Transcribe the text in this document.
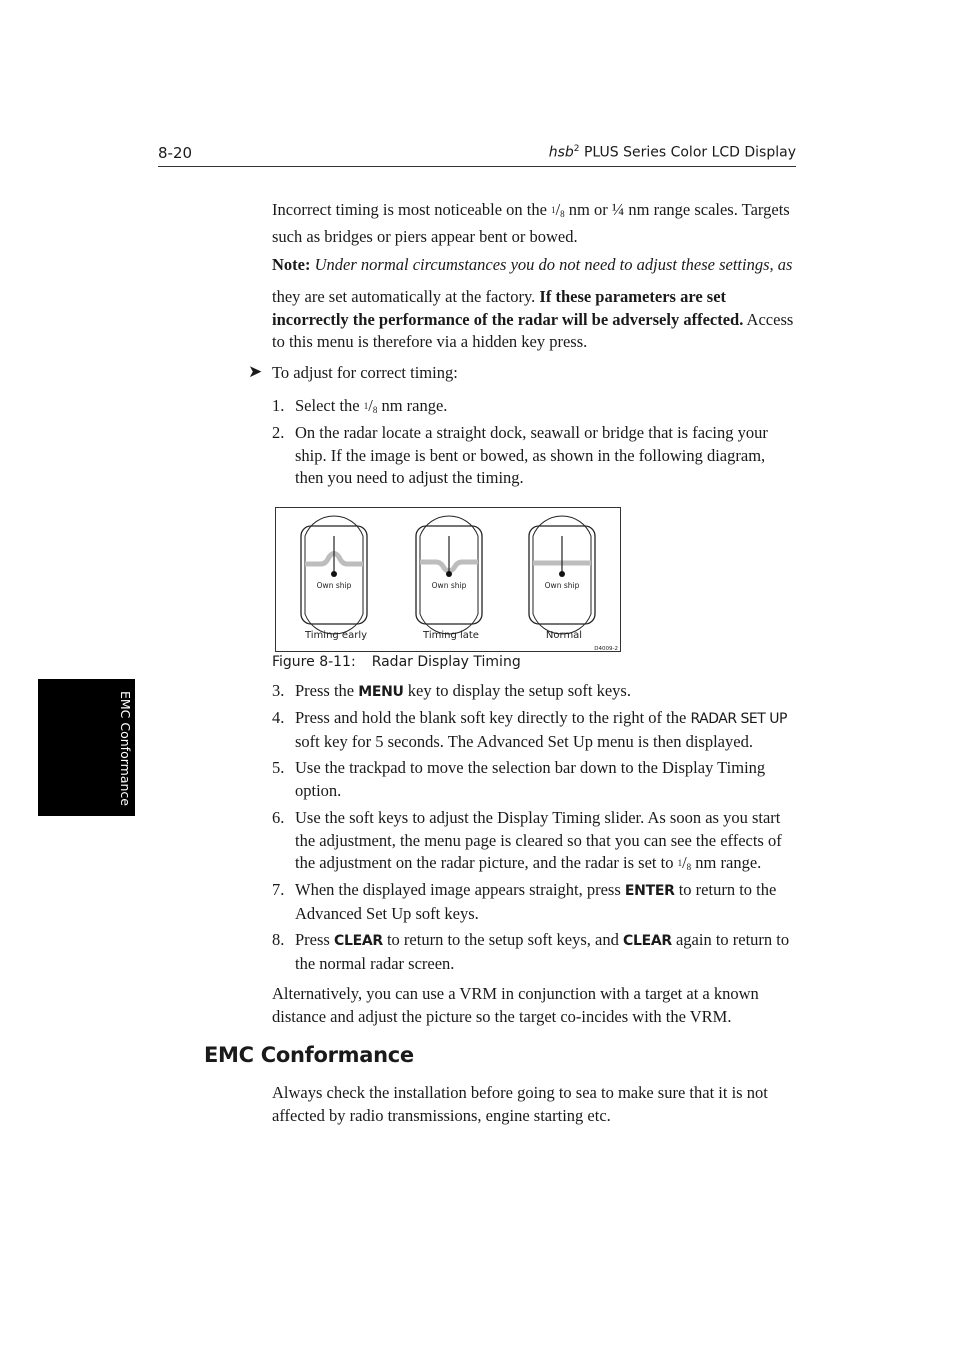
8-20	hsb$^2$ PLUS Series Color LCD Display

Incorrect timing is most noticeable on the 1/8 nm or ¼ nm range scales. Targets such as bridges or piers appear bent or bowed.

Note: Under normal circumstances you do not need to adjust these settings, as

they are set automatically at the factory. If these parameters are set incorrectly the performance of the radar will be adversely affected. Access to this menu is therefore via a hidden key press.

➤ To adjust for correct timing:

1. Select the 1/8 nm range.

2. On the radar locate a straight dock, seawall or bridge that is facing your ship. If the image is bent or bowed, as shown in the following diagram, then you need to adjust the timing.

Own ship
Timing early
Own ship
Timing late
Own ship
Normal
D4009-2
Figure 8-11: Radar Display Timing
3. Press the MENU key to display the setup soft keys.

4. Press and hold the blank soft key directly to the right of the RADAR SET UP soft key for 5 seconds. The Advanced Set Up menu is then displayed.

5. Use the trackpad to move the selection bar down to the Display Timing option.

6. Use the soft keys to adjust the Display Timing slider. As soon as you start the adjustment, the menu page is cleared so that you can see the effects of the adjustment on the radar picture, and the radar is set to 1/8 nm range.

7. When the displayed image appears straight, press ENTER to return to the Advanced Set Up soft keys.

8. Press CLEAR to return to the setup soft keys, and CLEAR again to return to the normal radar screen.

Alternatively, you can use a VRM in conjunction with a target at a known distance and adjust the picture so the target co-incides with the VRM.

EMC Conformance

Always check the installation before going to sea to make sure that it is not affected by radio transmissions, engine starting etc.

EMC Conformance
